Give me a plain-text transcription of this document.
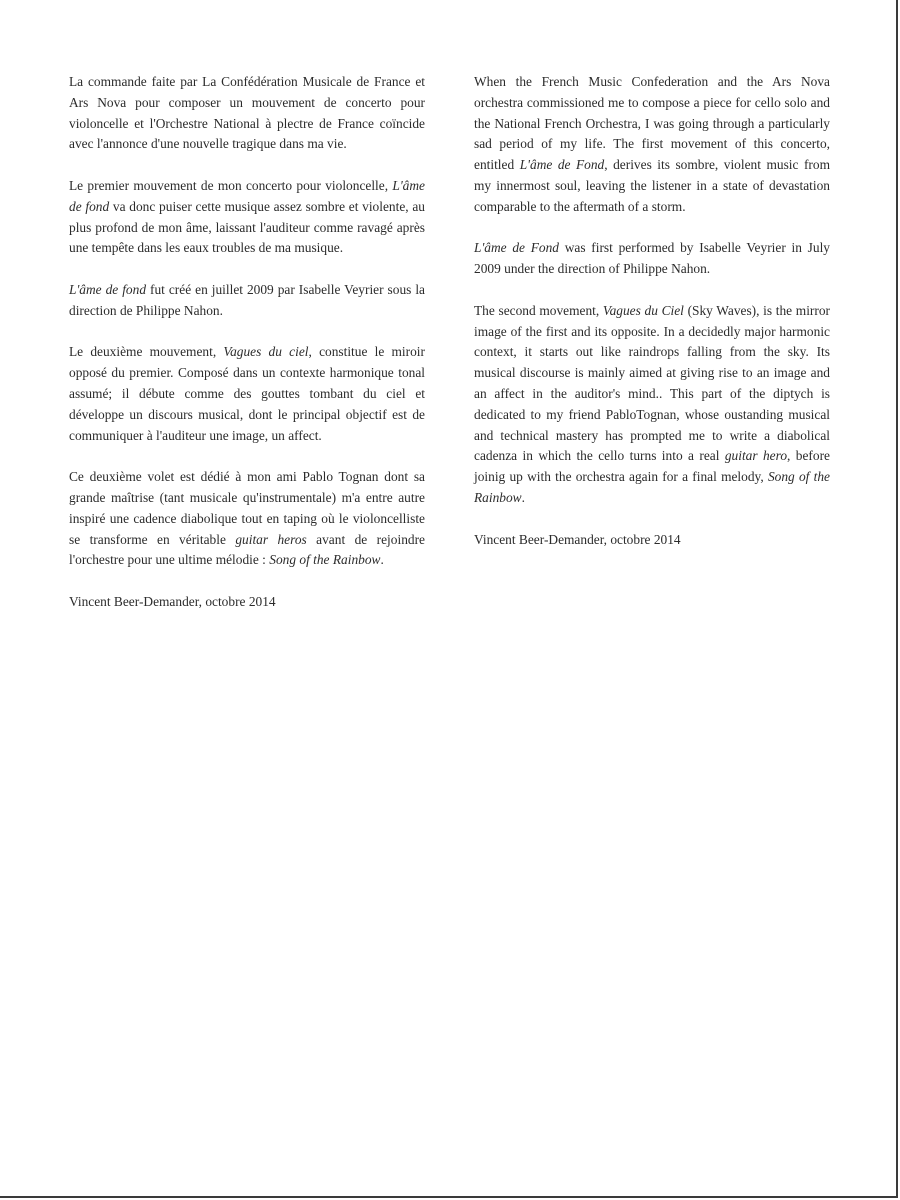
La commande faite par La Confédération Musicale de France et Ars Nova pour composer un mouvement de concerto pour violoncelle et l'Orchestre National à plectre de France coïncide avec l'annonce d'une nouvelle tragique dans ma vie.

Le premier mouvement de mon concerto pour violoncelle, L'âme de fond va donc puiser cette musique assez sombre et violente, au plus profond de mon âme, laissant l'auditeur comme ravagé après une tempête dans les eaux troubles de ma musique.

L'âme de fond fut créé en juillet 2009 par Isabelle Veyrier sous la direction de Philippe Nahon.

Le deuxième mouvement, Vagues du ciel, constitue le miroir opposé du premier. Composé dans un contexte harmonique tonal assumé; il débute comme des gouttes tombant du ciel et développe un discours musical, dont le principal objectif est de communiquer à l'auditeur une image, un affect.

Ce deuxième volet est dédié à mon ami Pablo Tognan dont sa grande maîtrise (tant musicale qu'instrumentale) m'a entre autre inspiré une cadence diabolique tout en taping où le violoncelliste se transforme en véritable guitar heros avant de rejoindre l'orchestre pour une ultime mélodie : Song of the Rainbow.

Vincent Beer-Demander, octobre 2014

When the French Music Confederation and the Ars Nova orchestra commissioned me to compose a piece for cello solo and the National French Orchestra, I was going through a particularly sad period of my life. The first movement of this concerto, entitled L'âme de Fond, derives its sombre, violent music from my innermost soul, leaving the listener in a state of devastation comparable to the aftermath of a storm.

L'âme de Fond was first performed by Isabelle Veyrier in July 2009 under the direction of Philippe Nahon.

The second movement, Vagues du Ciel (Sky Waves), is the mirror image of the first and its opposite. In a decidedly major harmonic context, it starts out like raindrops falling from the sky. Its musical discourse is mainly aimed at giving rise to an image and an affect in the auditor's mind.. This part of the diptych is dedicated to my friend PabloTognan, whose oustanding musical and technical mastery has prompted me to write a diabolical cadenza in which the cello turns into a real guitar hero, before joinig up with the orchestra again for a final melody, Song of the Rainbow.

Vincent Beer-Demander, octobre 2014
